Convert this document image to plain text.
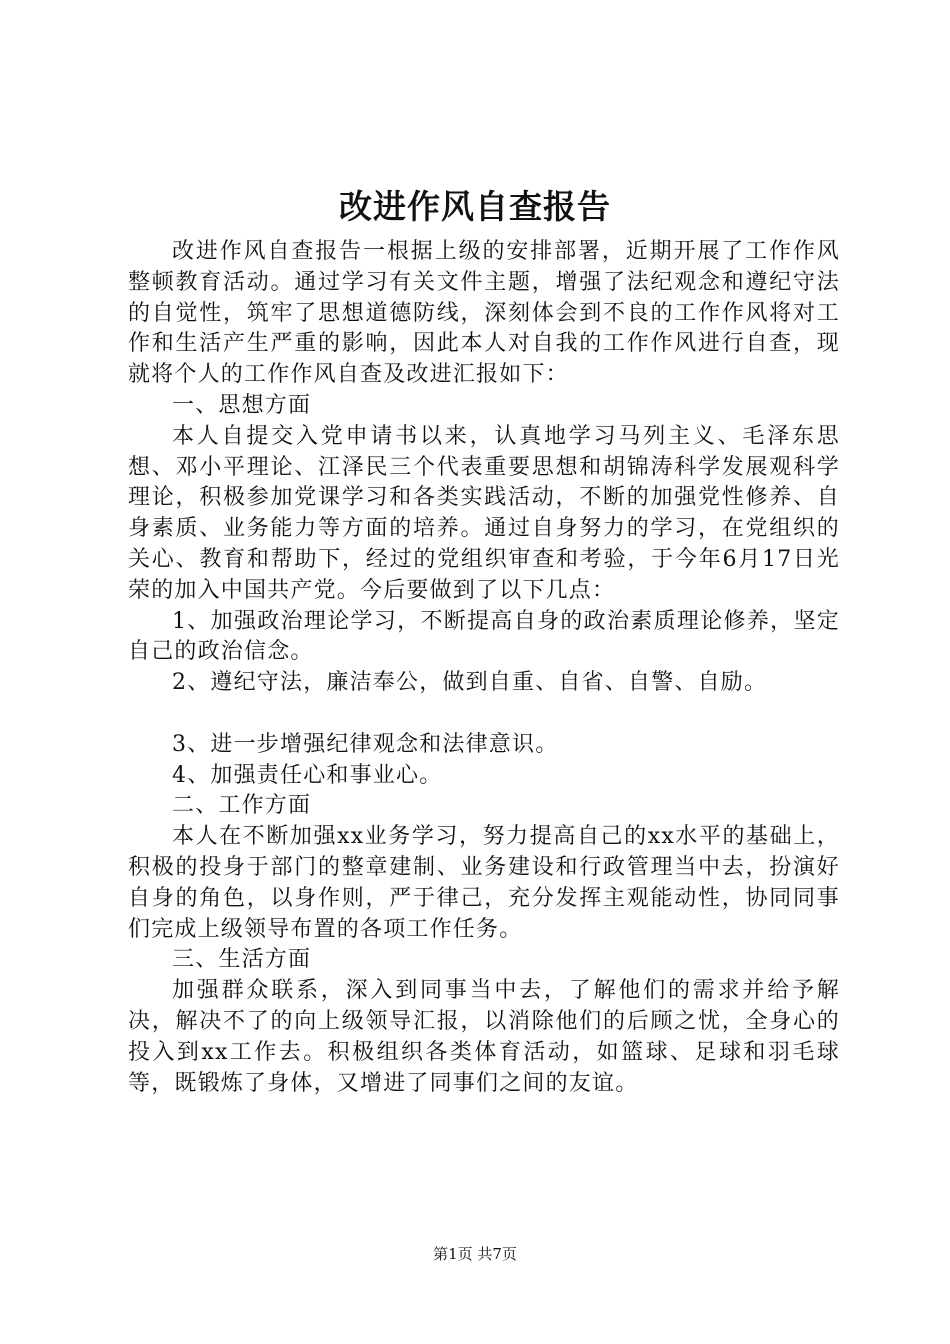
改进作风自查报告

改进作风自查报告一根据上级的安排部署，近期开展了工作作风整顿教育活动。通过学习有关文件主题，增强了法纪观念和遵纪守法的自觉性，筑牢了思想道德防线，深刻体会到不良的工作作风将对工作和生活产生严重的影响，因此本人对自我的工作作风进行自查，现就将个人的工作作风自查及改进汇报如下：

一、思想方面

本人自提交入党申请书以来，认真地学习马列主义、毛泽东思想、邓小平理论、江泽民三个代表重要思想和胡锦涛科学发展观科学理论，积极参加党课学习和各类实践活动，不断的加强党性修养、自身素质、业务能力等方面的培养。通过自身努力的学习，在党组织的关心、教育和帮助下，经过的党组织审查和考验，于今年6月17日光荣的加入中国共产党。今后要做到了以下几点：

1、加强政治理论学习，不断提高自身的政治素质理论修养，坚定自己的政治信念。

2、遵纪守法，廉洁奉公，做到自重、自省、自警、自励。

3、进一步增强纪律观念和法律意识。

4、加强责任心和事业心。

二、工作方面

本人在不断加强xx业务学习，努力提高自己的xx水平的基础上，积极的投身于部门的整章建制、业务建设和行政管理当中去，扮演好自身的角色，以身作则，严于律己，充分发挥主观能动性，协同同事们完成上级领导布置的各项工作任务。

三、生活方面

加强群众联系，深入到同事当中去，了解他们的需求并给予解决，解决不了的向上级领导汇报，以消除他们的后顾之忧，全身心的投入到xx工作去。积极组织各类体育活动，如篮球、足球和羽毛球等，既锻炼了身体，又增进了同事们之间的友谊。

第1页 共7页
